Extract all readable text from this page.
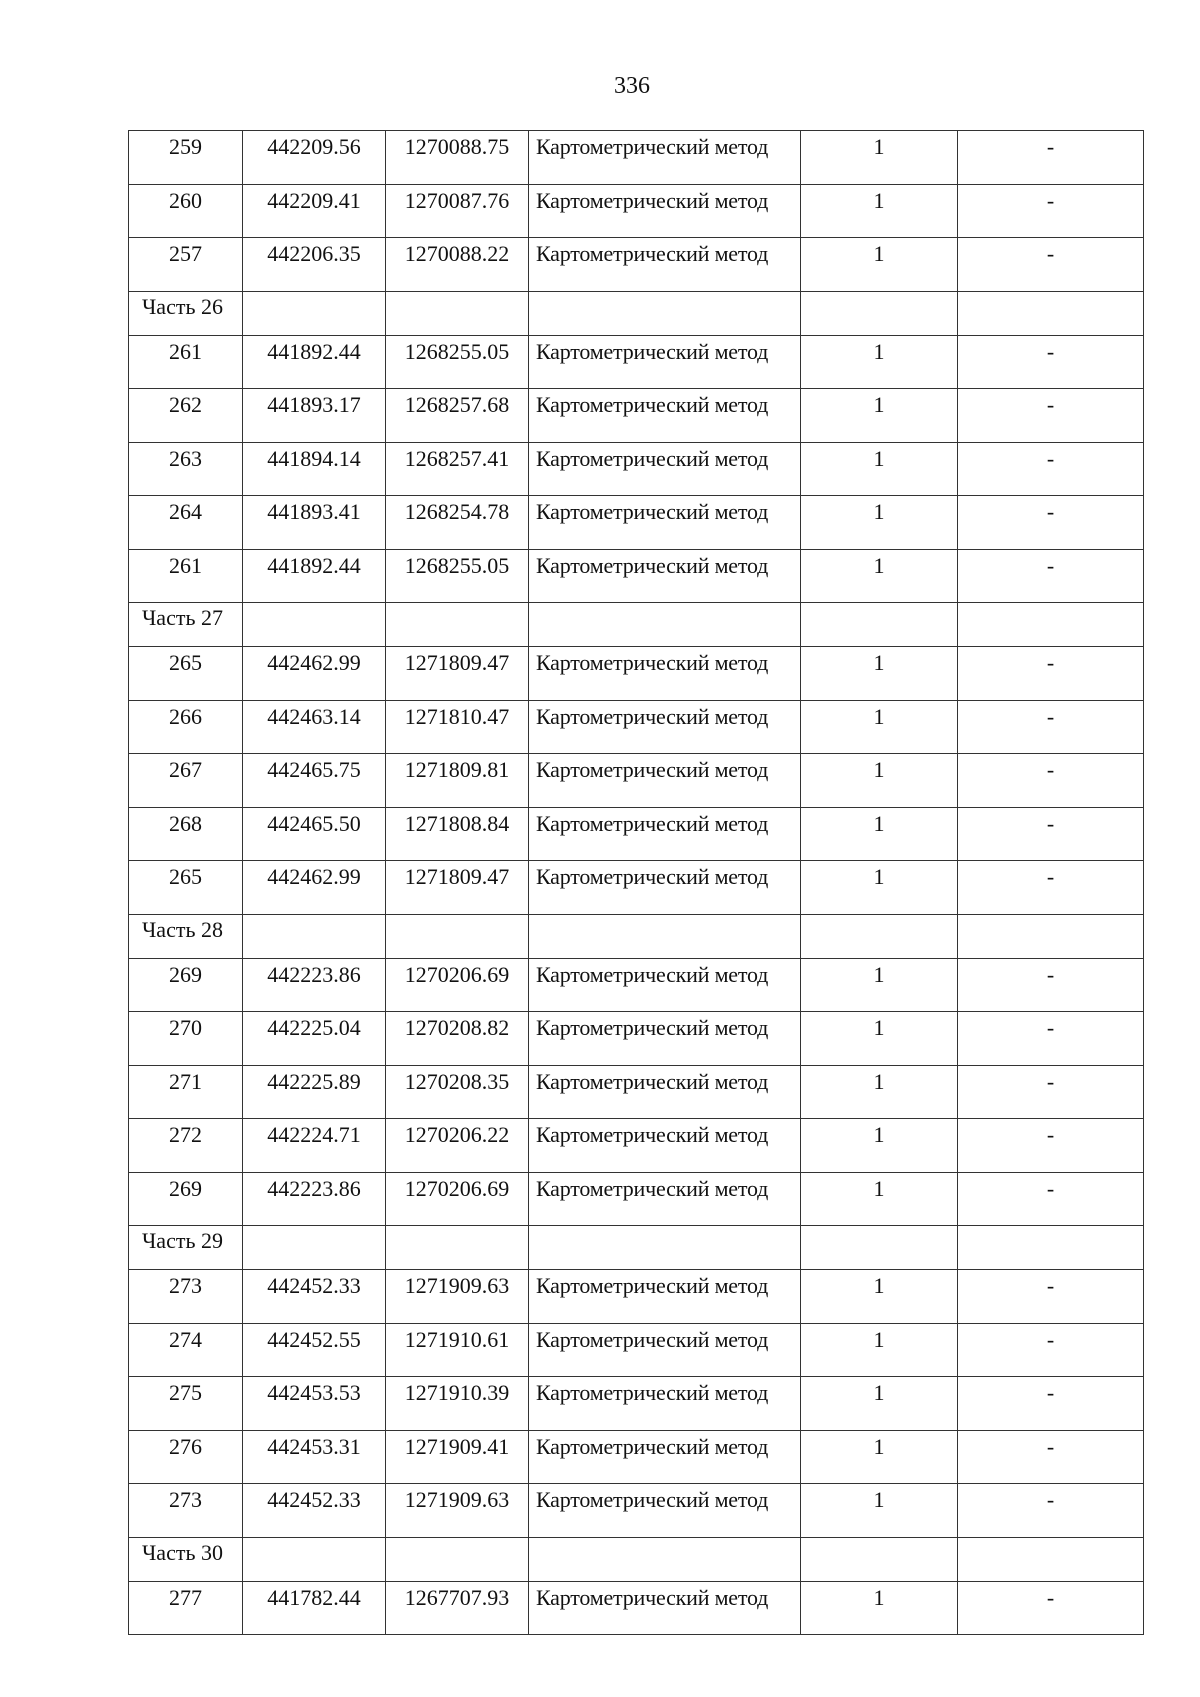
336
259	442209.56	1270088.75	Картометрический метод	1	-
260	442209.41	1270087.76	Картометрический метод	1	-
257	442206.35	1270088.22	Картометрический метод	1	-
Часть 26					
261	441892.44	1268255.05	Картометрический метод	1	-
262	441893.17	1268257.68	Картометрический метод	1	-
263	441894.14	1268257.41	Картометрический метод	1	-
264	441893.41	1268254.78	Картометрический метод	1	-
261	441892.44	1268255.05	Картометрический метод	1	-
Часть 27					
265	442462.99	1271809.47	Картометрический метод	1	-
266	442463.14	1271810.47	Картометрический метод	1	-
267	442465.75	1271809.81	Картометрический метод	1	-
268	442465.50	1271808.84	Картометрический метод	1	-
265	442462.99	1271809.47	Картометрический метод	1	-
Часть 28					
269	442223.86	1270206.69	Картометрический метод	1	-
270	442225.04	1270208.82	Картометрический метод	1	-
271	442225.89	1270208.35	Картометрический метод	1	-
272	442224.71	1270206.22	Картометрический метод	1	-
269	442223.86	1270206.69	Картометрический метод	1	-
Часть 29					
273	442452.33	1271909.63	Картометрический метод	1	-
274	442452.55	1271910.61	Картометрический метод	1	-
275	442453.53	1271910.39	Картометрический метод	1	-
276	442453.31	1271909.41	Картометрический метод	1	-
273	442452.33	1271909.63	Картометрический метод	1	-
Часть 30					
277	441782.44	1267707.93	Картометрический метод	1	-
